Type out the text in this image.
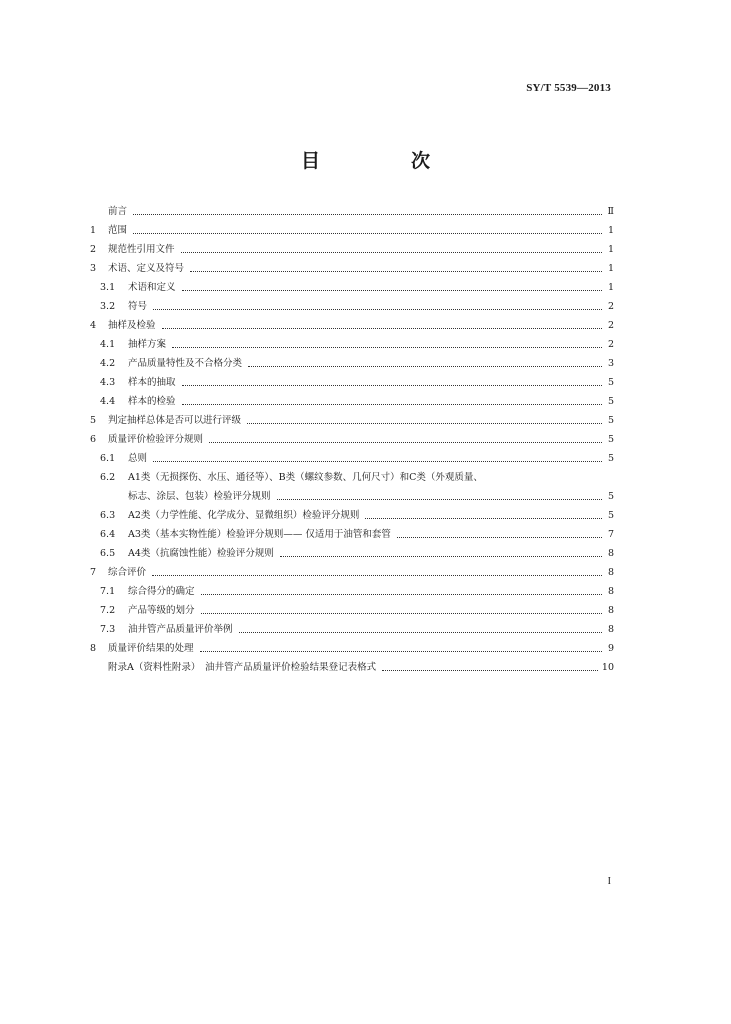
SY/T 5539—2013
目　次
前言	Ⅱ
1	范围	1
2	规范性引用文件	1
3	术语、定义及符号	1
3.1	术语和定义	1
3.2	符号	2
4	抽样及检验	2
4.1	抽样方案	2
4.2	产品质量特性及不合格分类	3
4.3	样本的抽取	5
4.4	样本的检验	5
5	判定抽样总体是否可以进行评级	5
6	质量评价检验评分规则	5
6.1	总则	5
6.2	A1类（无损探伤、水压、通径等）、B类（螺纹参数、几何尺寸）和C类（外观质量、
标志、涂层、包装）检验评分规则	5
6.3	A2类（力学性能、化学成分、显微组织）检验评分规则	5
6.4	A3类（基本实物性能）检验评分规则—— 仅适用于油管和套管	7
6.5	A4类（抗腐蚀性能）检验评分规则	8
7	综合评价	8
7.1	综合得分的确定	8
7.2	产品等级的划分	8
7.3	油井管产品质量评价举例	8
8	质量评价结果的处理	9
附录A（资料性附录）　油井管产品质量评价检验结果登记表格式	10
I
